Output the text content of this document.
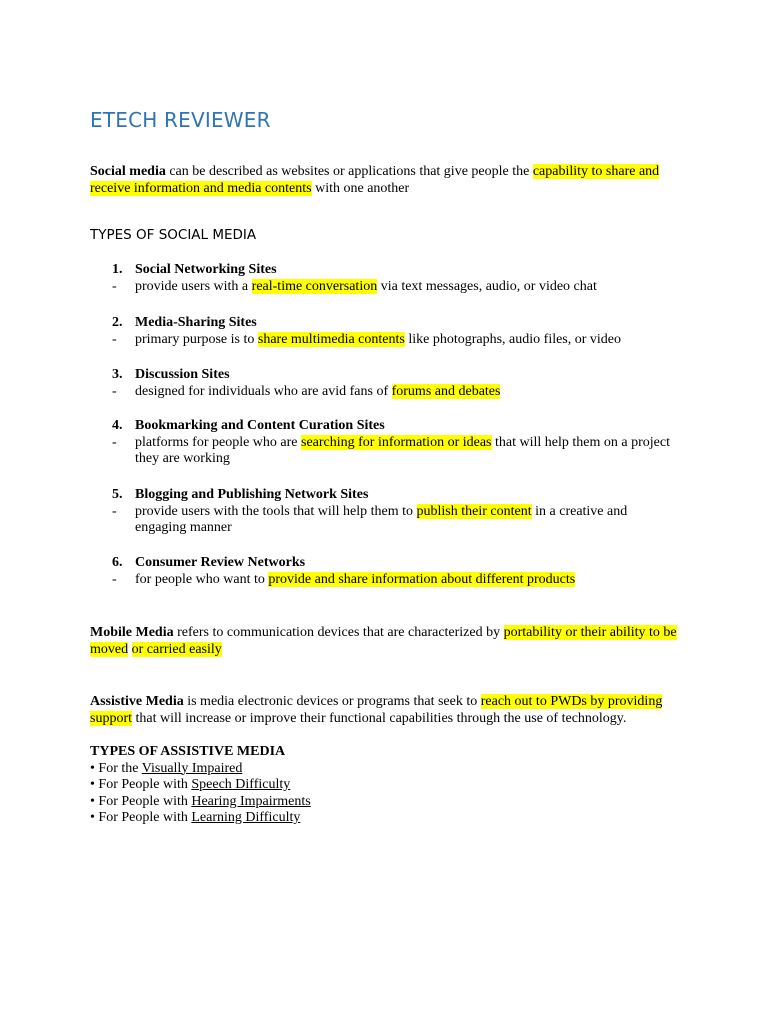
ETECH REVIEWER
Social media can be described as websites or applications that give people the capability to share and receive information and media contents with one another
TYPES OF SOCIAL MEDIA
1. Social Networking Sites
- provide users with a real-time conversation via text messages, audio, or video chat
2. Media-Sharing Sites
- primary purpose is to share multimedia contents like photographs, audio files, or video
3. Discussion Sites
- designed for individuals who are avid fans of forums and debates
4. Bookmarking and Content Curation Sites
- platforms for people who are searching for information or ideas that will help them on a project they are working
5. Blogging and Publishing Network Sites
- provide users with the tools that will help them to publish their content in a creative and engaging manner
6. Consumer Review Networks
- for people who want to provide and share information about different products
Mobile Media refers to communication devices that are characterized by portability or their ability to be moved or carried easily
Assistive Media is media electronic devices or programs that seek to reach out to PWDs by providing support that will increase or improve their functional capabilities through the use of technology.
TYPES OF ASSISTIVE MEDIA
• For the Visually Impaired
• For People with Speech Difficulty
• For People with Hearing Impairments
• For People with Learning Difficulty
